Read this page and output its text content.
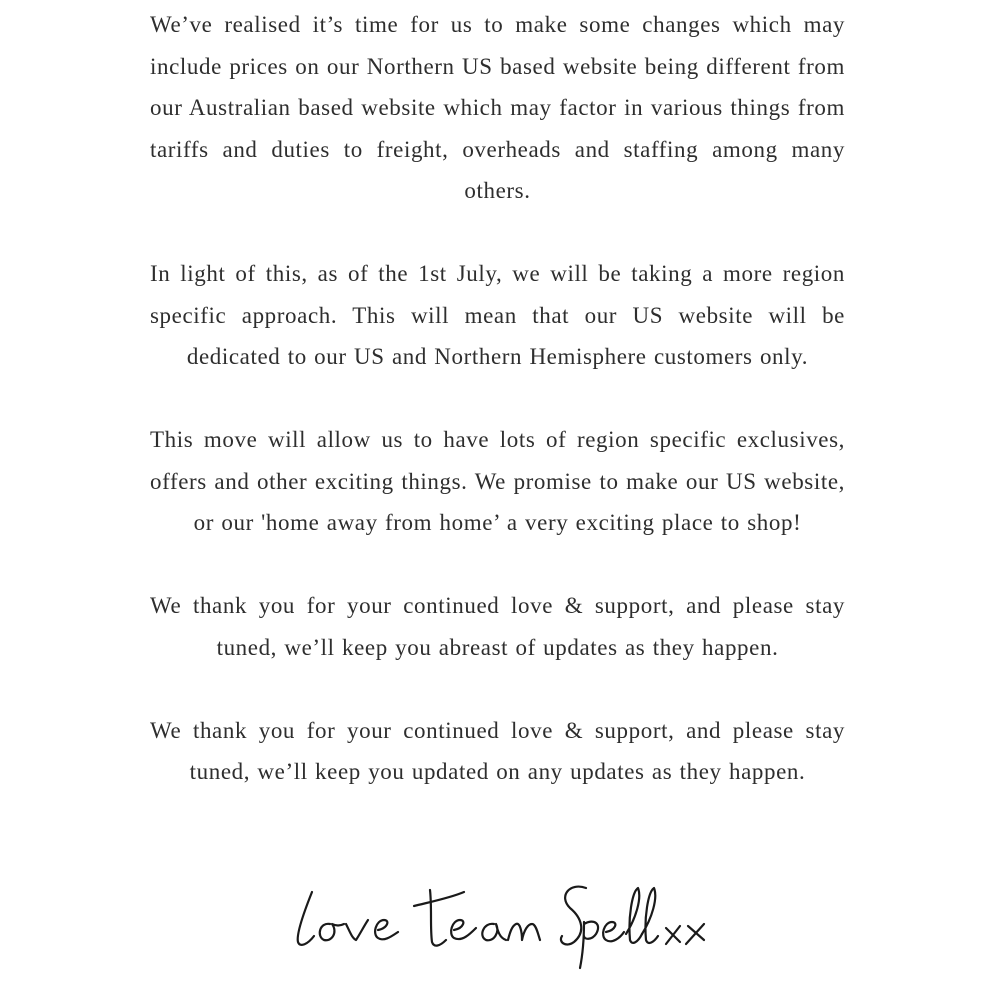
We’ve realised it’s time for us to make some changes which may include prices on our Northern US based website being different from our Australian based website which may factor in various things from tariffs and duties to freight, overheads and staffing among many others.

In light of this, as of the 1st July, we will be taking a more region specific approach. This will mean that our US website will be dedicated to our US and Northern Hemisphere customers only.

This move will allow us to have lots of region specific exclusives, offers and other exciting things. We promise to make our US website, or our 'home away from home’ a very exciting place to shop!

We thank you for your continued love & support, and please stay tuned, we’ll keep you abreast of updates as they happen.

We thank you for your continued love & support, and please stay tuned, we’ll keep you updated on any updates as they happen.
